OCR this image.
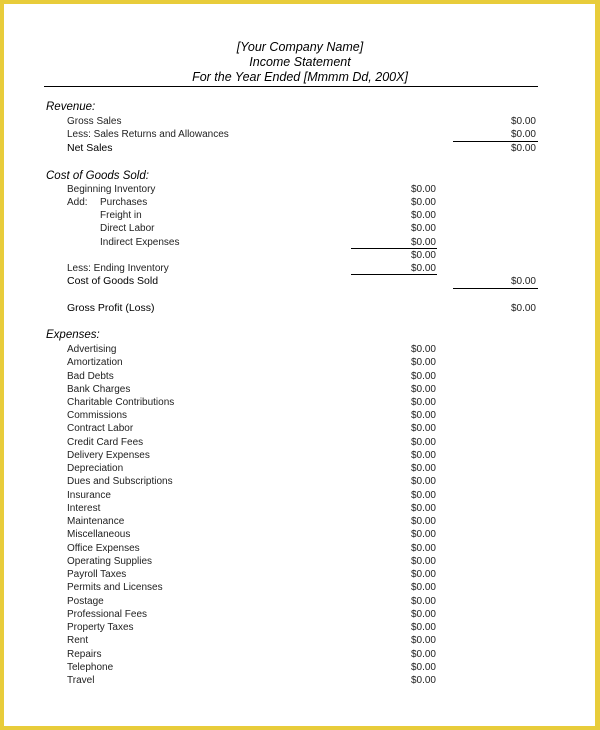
[Your Company Name]
Income Statement
For the Year Ended [Mmmm Dd, 200X]
Revenue:
Gross Sales	$0.00
Less: Sales Returns and Allowances	$0.00
Net Sales	$0.00
Cost of Goods Sold:
Beginning Inventory	$0.00
Add: Purchases	$0.00
Freight in	$0.00
Direct Labor	$0.00
Indirect Expenses	$0.00
$0.00
Less: Ending Inventory	$0.00
Cost of Goods Sold	$0.00
Gross Profit (Loss)	$0.00
Expenses:
Advertising	$0.00
Amortization	$0.00
Bad Debts	$0.00
Bank Charges	$0.00
Charitable Contributions	$0.00
Commissions	$0.00
Contract Labor	$0.00
Credit Card Fees	$0.00
Delivery Expenses	$0.00
Depreciation	$0.00
Dues and Subscriptions	$0.00
Insurance	$0.00
Interest	$0.00
Maintenance	$0.00
Miscellaneous	$0.00
Office Expenses	$0.00
Operating Supplies	$0.00
Payroll Taxes	$0.00
Permits and Licenses	$0.00
Postage	$0.00
Professional Fees	$0.00
Property Taxes	$0.00
Rent	$0.00
Repairs	$0.00
Telephone	$0.00
Travel	$0.00
